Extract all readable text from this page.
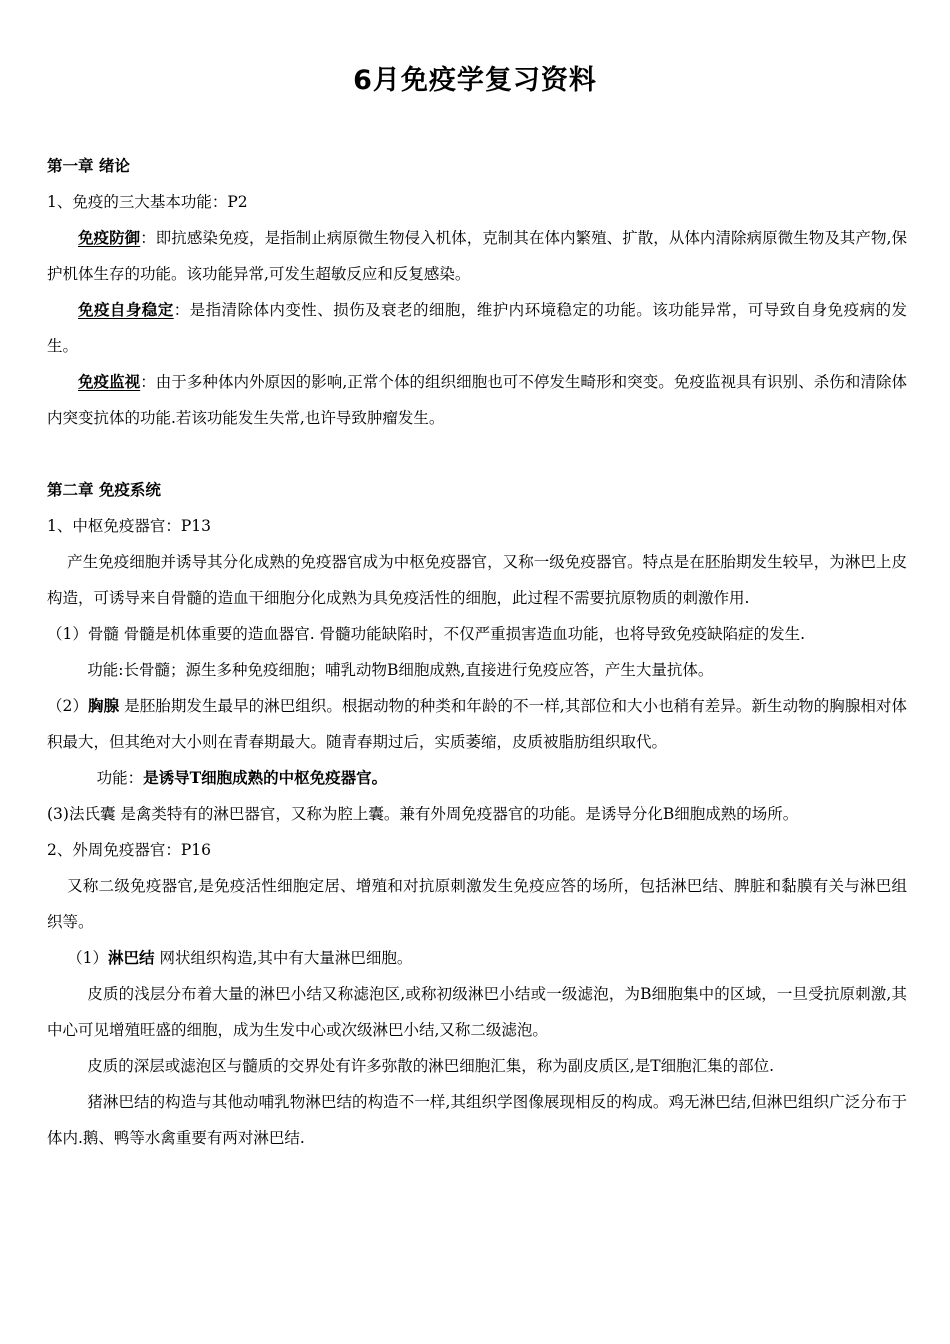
6月免疫学复习资料

第一章 绪论

1、免疫的三大基本功能：P2

免疫防御：即抗感染免疫，是指制止病原微生物侵入机体，克制其在体内繁殖、扩散，从体内清除病原微生物及其产物,保护机体生存的功能。该功能异常,可发生超敏反应和反复感染。

免疫自身稳定：是指清除体内变性、损伤及衰老的细胞，维护内环境稳定的功能。该功能异常，可导致自身免疫病的发生。

免疫监视：由于多种体内外原因的影响,正常个体的组织细胞也可不停发生畸形和突变。免疫监视具有识别、杀伤和清除体内突变抗体的功能.若该功能发生失常,也许导致肿瘤发生。

第二章 免疫系统

1、中枢免疫器官：P13

产生免疫细胞并诱导其分化成熟的免疫器官成为中枢免疫器官，又称一级免疫器官。特点是在胚胎期发生较早，为淋巴上皮构造，可诱导来自骨髓的造血干细胞分化成熟为具免疫活性的细胞，此过程不需要抗原物质的刺激作用.

（1）骨髓 骨髓是机体重要的造血器官. 骨髓功能缺陷时，不仅严重损害造血功能，也将导致免疫缺陷症的发生.

功能:长骨髓；源生多种免疫细胞；哺乳动物B细胞成熟,直接进行免疫应答，产生大量抗体。

（2）胸腺 是胚胎期发生最早的淋巴组织。根据动物的种类和年龄的不一样,其部位和大小也稍有差异。新生动物的胸腺相对体积最大，但其绝对大小则在青春期最大。随青春期过后，实质萎缩，皮质被脂肪组织取代。

功能：是诱导T细胞成熟的中枢免疫器官。

(3)法氏囊 是禽类特有的淋巴器官，又称为腔上囊。兼有外周免疫器官的功能。是诱导分化B细胞成熟的场所。

2、外周免疫器官：P16

又称二级免疫器官,是免疫活性细胞定居、增殖和对抗原刺激发生免疫应答的场所，包括淋巴结、脾脏和黏膜有关与淋巴组织等。

（1）淋巴结 网状组织构造,其中有大量淋巴细胞。

皮质的浅层分布着大量的淋巴小结又称滤泡区,或称初级淋巴小结或一级滤泡，为B细胞集中的区域，一旦受抗原刺激,其中心可见增殖旺盛的细胞，成为生发中心或次级淋巴小结,又称二级滤泡。

皮质的深层或滤泡区与髓质的交界处有许多弥散的淋巴细胞汇集，称为副皮质区,是T细胞汇集的部位.

猪淋巴结的构造与其他动哺乳物淋巴结的构造不一样,其组织学图像展现相反的构成。鸡无淋巴结,但淋巴组织广泛分布于体内.鹅、鸭等水禽重要有两对淋巴结.
